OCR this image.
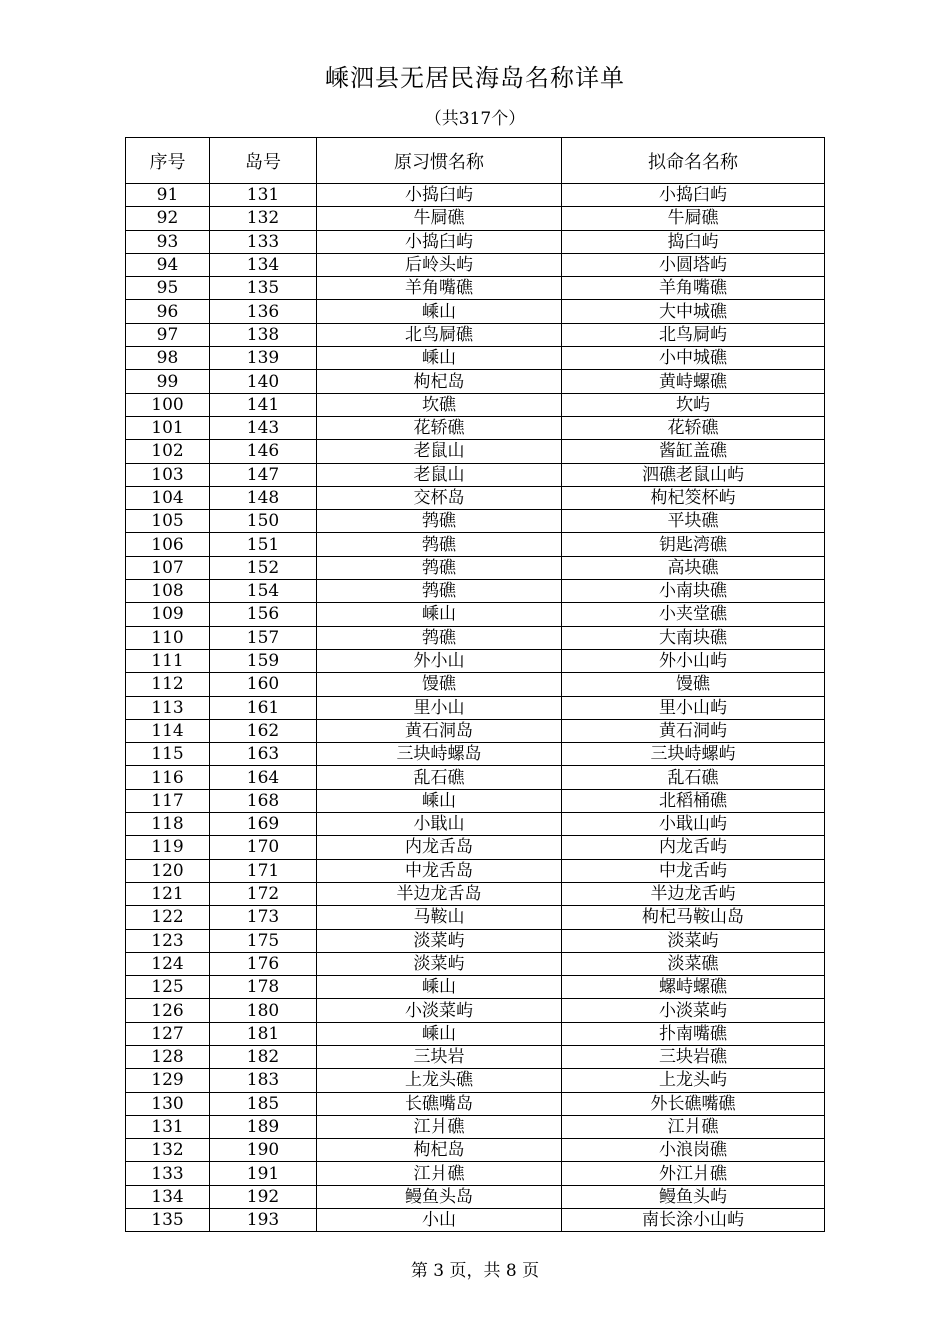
嵊泗县无居民海岛名称详单
（共317个）
序号	岛号	原习惯名称	拟命名名称
91	131	小捣臼屿	小捣臼屿
92	132	牛屙礁	牛屙礁
93	133	小捣臼屿	捣臼屿
94	134	后岭头屿	小圆塔屿
95	135	羊角嘴礁	羊角嘴礁
96	136	嵊山	大中城礁
97	138	北鸟屙礁	北鸟屙屿
98	139	嵊山	小中城礁
99	140	枸杞岛	黄峙螺礁
100	141	坎礁	坎屿
101	143	花轿礁	花轿礁
102	146	老鼠山	酱缸盖礁
103	147	老鼠山	泗礁老鼠山屿
104	148	交杯岛	枸杞筊杯屿
105	150	鹁礁	平块礁
106	151	鹁礁	钥匙湾礁
107	152	鹁礁	高块礁
108	154	鹁礁	小南块礁
109	156	嵊山	小夹堂礁
110	157	鹁礁	大南块礁
111	159	外小山	外小山屿
112	160	馒礁	馒礁
113	161	里小山	里小山屿
114	162	黄石洞岛	黄石洞屿
115	163	三块峙螺岛	三块峙螺屿
116	164	乱石礁	乱石礁
117	168	嵊山	北稻桶礁
118	169	小戢山	小戢山屿
119	170	内龙舌岛	内龙舌屿
120	171	中龙舌岛	中龙舌屿
121	172	半边龙舌岛	半边龙舌屿
122	173	马鞍山	枸杞马鞍山岛
123	175	淡菜屿	淡菜屿
124	176	淡菜屿	淡菜礁
125	178	嵊山	螺峙螺礁
126	180	小淡菜屿	小淡菜屿
127	181	嵊山	扑南嘴礁
128	182	三块岩	三块岩礁
129	183	上龙头礁	上龙头屿
130	185	长礁嘴岛	外长礁嘴礁
131	189	江爿礁	江爿礁
132	190	枸杞岛	小浪岗礁
133	191	江爿礁	外江爿礁
134	192	鳗鱼头岛	鳗鱼头屿
135	193	小山	南长涂小山屿
第 3 页，共 8 页
